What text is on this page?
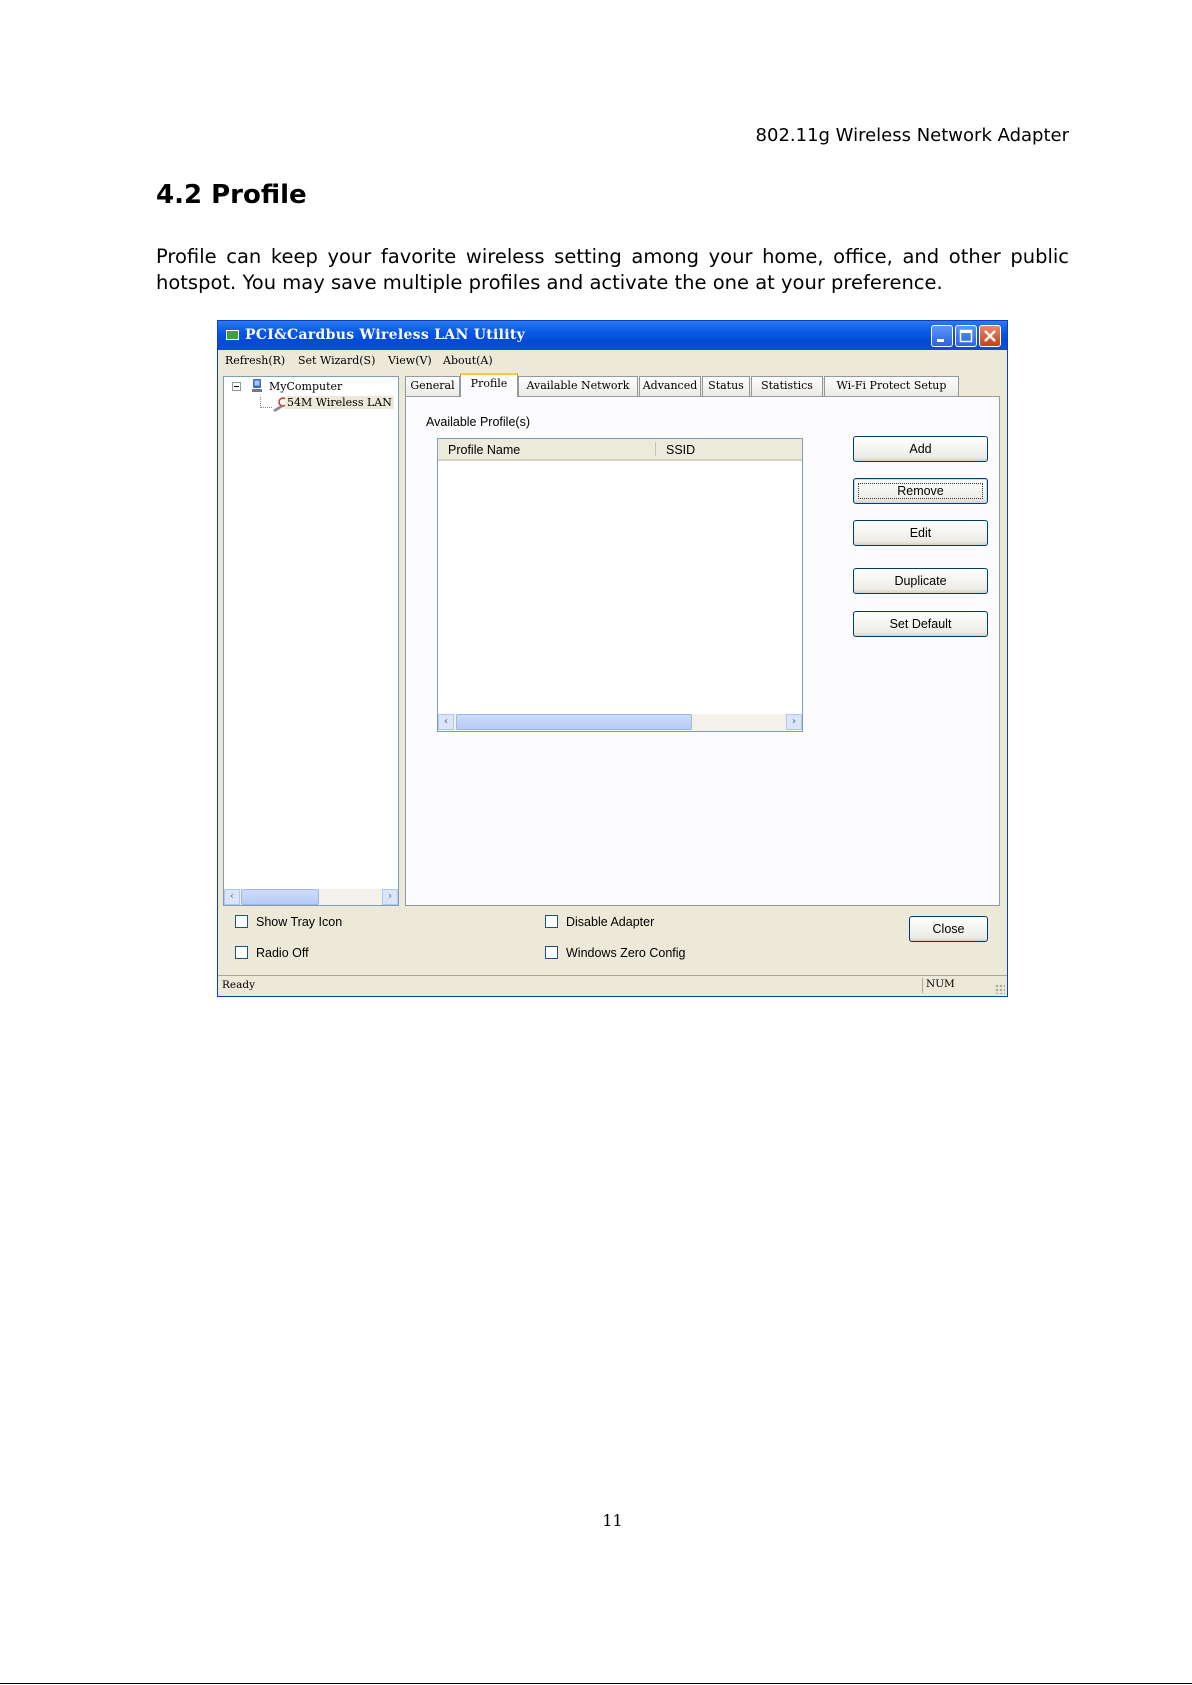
802.11g Wireless Network Adapter
4.2 Profile

Profile can keep your favorite wireless setting among your home, office, and other public hotspot. You may save multiple profiles and activate the one at your preference.

PCI&Cardbus Wireless LAN Utility
Refresh(R) Set Wizard(S) View(V) About(A)
MyComputer
54M Wireless LAN
‹	›
General	Profile	Available Network	Advanced Status	Statistics	Wi-Fi Protect Setup
Available Profile(s)
Profile Name	SSID
‹	›
Add
Remove
Edit
Duplicate
Set Default
Show Tray Icon
Radio Off
Disable Adapter
Windows Zero Config
Close
Ready	NUM
11
